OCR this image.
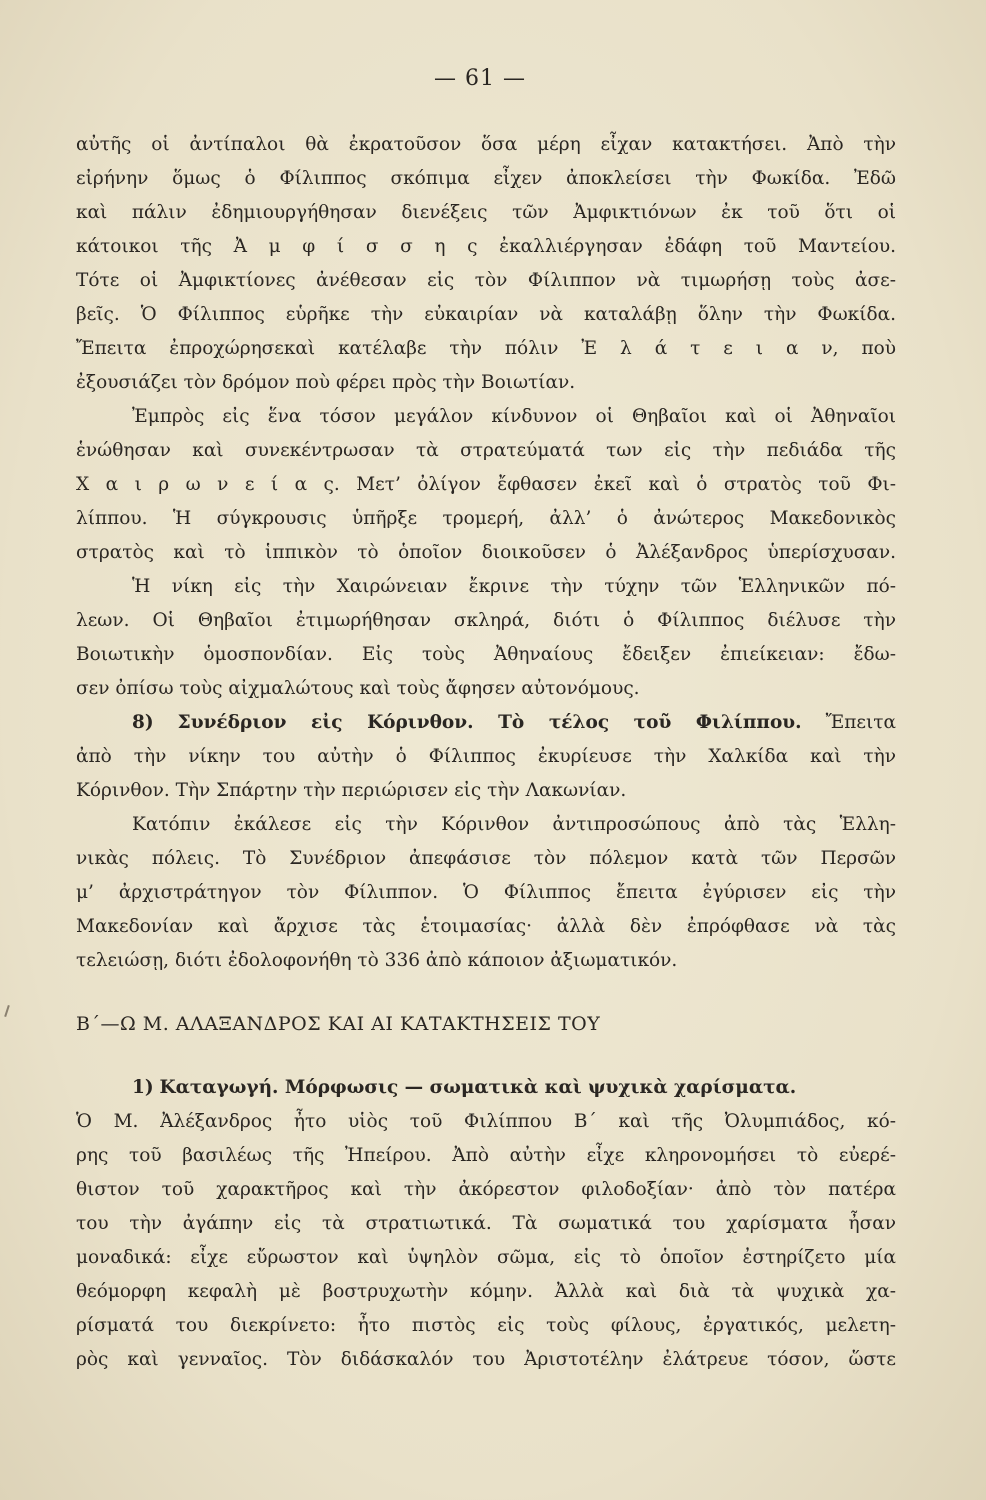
— 61 —
αὐτῆς οἱ ἀντίπαλοι θὰ ἐκρατοῦσον ὅσα μέρη εἶχαν κατακτήσει. Ἀπὸ τὴν
εἰρήνην ὅμως ὁ Φίλιππος σκόπιμα εἶχεν ἀποκλείσει τὴν Φωκίδα. Ἐδῶ
καὶ πάλιν ἐδημιουργήθησαν διενέξεις τῶν Ἀμφικτιόνων ἐκ τοῦ ὅτι οἱ
κάτοικοι τῆς Ἀ μ φ ί σ σ η ς ἐκαλλιέργησαν ἐδάφη τοῦ Μαντείου.
Τότε οἱ Ἀμφικτίονες ἀνέθεσαν εἰς τὸν Φίλιππον νὰ τιμωρήσῃ τοὺς ἀσε-
βεῖς. Ὁ Φίλιππος εὑρῆκε τὴν εὐκαιρίαν νὰ καταλάβῃ ὅλην τὴν Φωκίδα.
Ἔπειτα ἐπροχώρησεκαὶ κατέλαβε τὴν πόλιν Ἐ λ ά τ ε ι α ν, ποὺ
ἐξουσιάζει τὸν δρόμον ποὺ φέρει πρὸς τὴν Βοιωτίαν.
Ἐμπρὸς εἰς ἕνα τόσον μεγάλον κίνδυνον οἱ Θηβαῖοι καὶ οἱ Ἀθηναῖοι
ἑνώθησαν καὶ συνεκέντρωσαν τὰ στρατεύματά των εἰς τὴν πεδιάδα τῆς
Χ α ι ρ ω ν ε ί α ς. Μετ’ ὀλίγον ἔφθασεν ἐκεῖ καὶ ὁ στρατὸς τοῦ Φι-
λίππου. Ἡ σύγκρουσις ὑπῆρξε τρομερή, ἀλλ’ ὁ ἀνώτερος Μακεδονικὸς
στρατὸς καὶ τὸ ἱππικὸν τὸ ὁποῖον διοικοῦσεν ὁ Ἀλέξανδρος ὑπερίσχυσαν.
Ἡ νίκη εἰς τὴν Χαιρώνειαν ἔκρινε τὴν τύχην τῶν Ἑλληνικῶν πό-
λεων. Οἱ Θηβαῖοι ἐτιμωρήθησαν σκληρά, διότι ὁ Φίλιππος διέλυσε τὴν
Βοιωτικὴν ὁμοσπονδίαν. Εἰς τοὺς Ἀθηναίους ἔδειξεν ἐπιείκειαν: ἔδω-
σεν ὀπίσω τοὺς αἰχμαλώτους καὶ τοὺς ἄφησεν αὐτονόμους.
8) Συνέδριον εἰς Κόρινθον. Τὸ τέλος τοῦ Φιλίππου. Ἔπειτα
ἀπὸ τὴν νίκην του αὐτὴν ὁ Φίλιππος ἐκυρίευσε τὴν Χαλκίδα καὶ τὴν
Κόρινθον. Τὴν Σπάρτην τὴν περιώρισεν εἰς τὴν Λακωνίαν.
Κατόπιν ἐκάλεσε εἰς τὴν Κόρινθον ἀντιπροσώπους ἀπὸ τὰς Ἑλλη-
νικὰς πόλεις. Τὸ Συνέδριον ἀπεφάσισε τὸν πόλεμον κατὰ τῶν Περσῶν
μ’ ἀρχιστράτηγον τὸν Φίλιππον. Ὁ Φίλιππος ἔπειτα ἐγύρισεν εἰς τὴν
Μακεδονίαν καὶ ἄρχισε τὰς ἑτοιμασίας· ἀλλὰ δὲν ἐπρόφθασε νὰ τὰς
τελειώσῃ, διότι ἐδολοφονήθη τὸ 336 ἀπὸ κάποιον ἀξιωματικόν.
Β΄—Ω Μ. ΑΛΑΞΑΝΔΡΟΣ ΚΑΙ ΑΙ ΚΑΤΑΚΤΗΣΕΙΣ ΤΟΥ
1) Καταγωγή. Μόρφωσις — σωματικὰ καὶ ψυχικὰ χαρίσματα.
Ὁ Μ. Ἀλέξανδρος ἦτο υἱὸς τοῦ Φιλίππου Β΄ καὶ τῆς Ὀλυμπιάδος, κό-
ρης τοῦ βασιλέως τῆς Ἠπείρου. Ἀπὸ αὐτὴν εἶχε κληρονομήσει τὸ εὐερέ-
θιστον τοῦ χαρακτῆρος καὶ τὴν ἀκόρεστον φιλοδοξίαν· ἀπὸ τὸν πατέρα
του τὴν ἀγάπην εἰς τὰ στρατιωτικά. Τὰ σωματικά του χαρίσματα ἦσαν
μοναδικά: εἶχε εὔρωστον καὶ ὑψηλὸν σῶμα, εἰς τὸ ὁποῖον ἐστηρίζετο μία
θεόμορφη κεφαλὴ μὲ βοστρυχωτὴν κόμην. Ἀλλὰ καὶ διὰ τὰ ψυχικὰ χα-
ρίσματά του διεκρίνετο: ἦτο πιστὸς εἰς τοὺς φίλους, ἐργατικός, μελετη-
ρὸς καὶ γενναῖος. Τὸν διδάσκαλόν του Ἀριστοτέλην ἐλάτρευε τόσον, ὥστε
